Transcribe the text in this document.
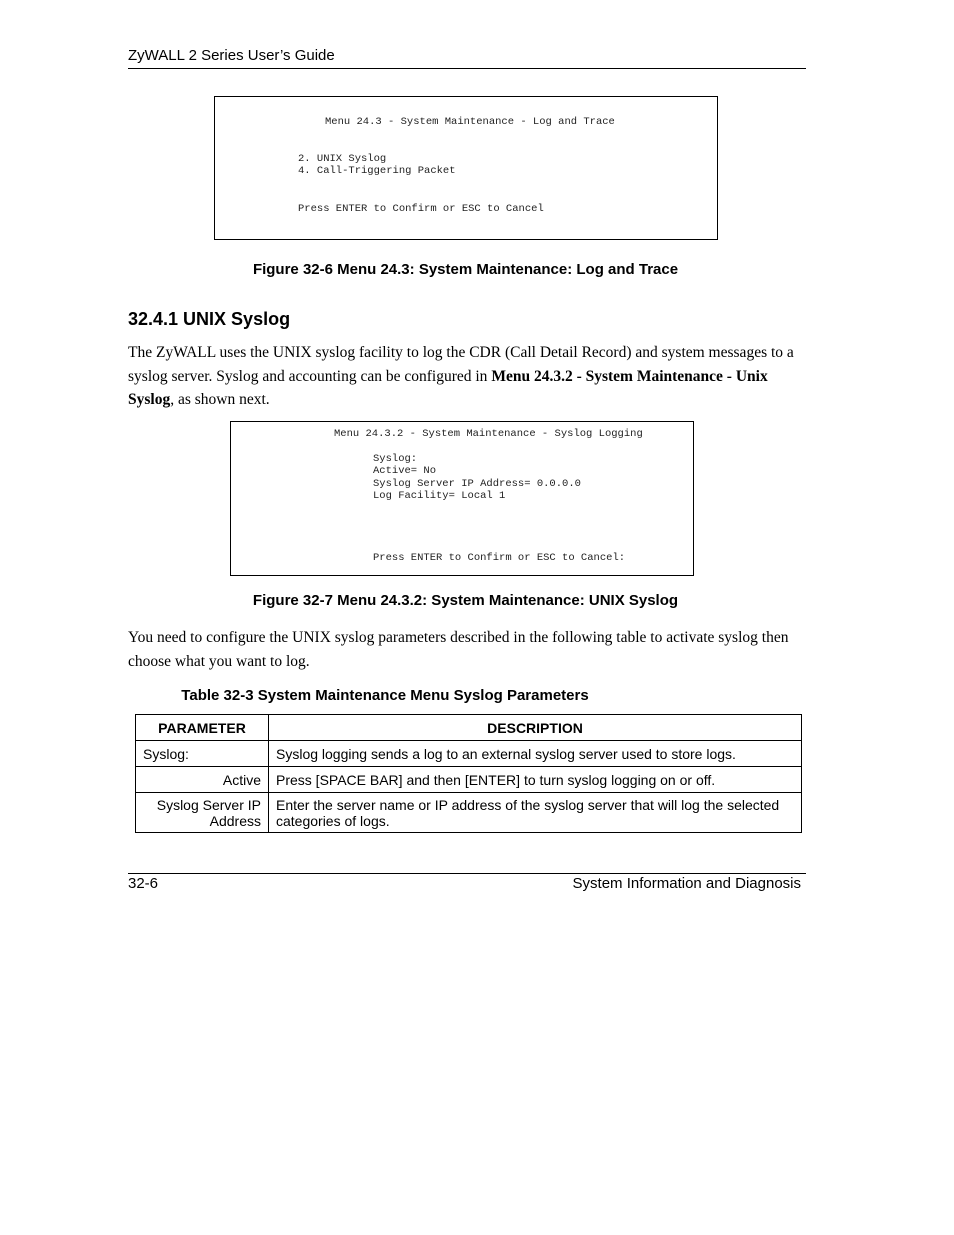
ZyWALL 2 Series User’s Guide
Menu 24.3 - System Maintenance - Log and Trace
2. UNIX Syslog
4. Call-Triggering Packet
Press ENTER to Confirm or ESC to Cancel
Figure 32-6 Menu 24.3: System Maintenance: Log and Trace
32.4.1 UNIX Syslog
The ZyWALL uses the UNIX syslog facility to log the CDR (Call Detail Record) and system messages to a syslog server. Syslog and accounting can be configured in Menu 24.3.2 - System Maintenance - Unix Syslog, as shown next.
Menu 24.3.2 - System Maintenance - Syslog Logging
Syslog:
Active= No
Syslog Server IP Address= 0.0.0.0
Log Facility= Local 1
Press ENTER to Confirm or ESC to Cancel:
Figure 32-7 Menu 24.3.2: System Maintenance: UNIX Syslog
You need to configure the UNIX syslog parameters described in the following table to activate syslog then choose what you want to log.
Table 32-3 System Maintenance Menu Syslog Parameters
PARAMETER	DESCRIPTION
Syslog:	Syslog logging sends a log to an external syslog server used to store logs.
Active	Press [SPACE BAR] and then [ENTER] to turn syslog logging on or off.
Syslog Server IP Address	Enter the server name or IP address of the syslog server that will log the selected categories of logs.
32-6	System Information and Diagnosis
